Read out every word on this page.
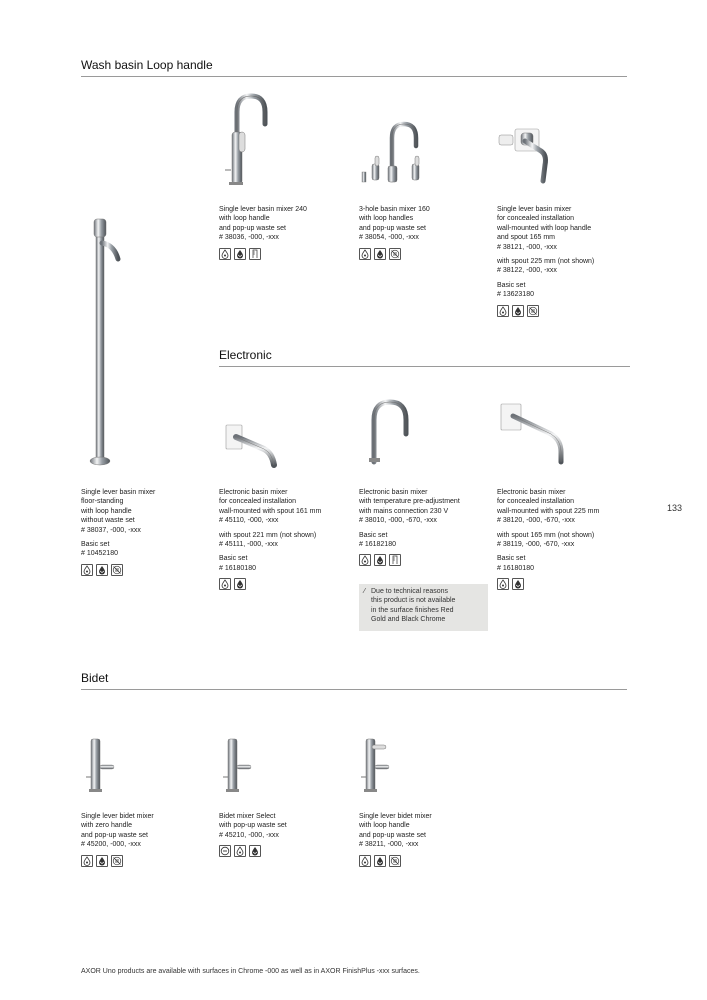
Wash basin Loop handle
Electronic
Bidet
Single lever basin mixer 240
with loop handle
and pop-up waste set
# 38036, -000, -xxx
3-hole basin mixer 160
with loop handles
and pop-up waste set
# 38054, -000, -xxx
Single lever basin mixer
for concealed installation
wall-mounted with loop handle
and spout 165 mm
# 38121, -000, -xxx
with spout 225 mm (not shown)
# 38122, -000, -xxx
Basic set
# 13623180
Single lever basin mixer
floor-standing
with loop handle
without waste set
# 38037, -000, -xxx
Basic set
# 10452180
Electronic basin mixer
for concealed installation
wall-mounted with spout 161 mm
# 45110, -000, -xxx
with spout 221 mm (not shown)
# 45111, -000, -xxx
Basic set
# 16180180
Electronic basin mixer
with temperature pre-adjustment
with mains connection 230 V
# 38010, -000, -670, -xxx
Basic set
# 16182180
⁄ Due to technical reasons
this product is not available
in the surface finishes Red
Gold and Black Chrome
Electronic basin mixer
for concealed installation
wall-mounted with spout 225 mm
# 38120, -000, -670, -xxx
with spout 165 mm (not shown)
# 38119, -000, -670, -xxx
Basic set
# 16180180
Single lever bidet mixer
with zero handle
and pop-up waste set
# 45200, -000, -xxx
Bidet mixer Select
with pop-up waste set
# 45210, -000, -xxx
Single lever bidet mixer
with loop handle
and pop-up waste set
# 38211, -000, -xxx
133
AXOR Uno products are available with surfaces in Chrome -000 as well as in AXOR FinishPlus -xxx surfaces.
